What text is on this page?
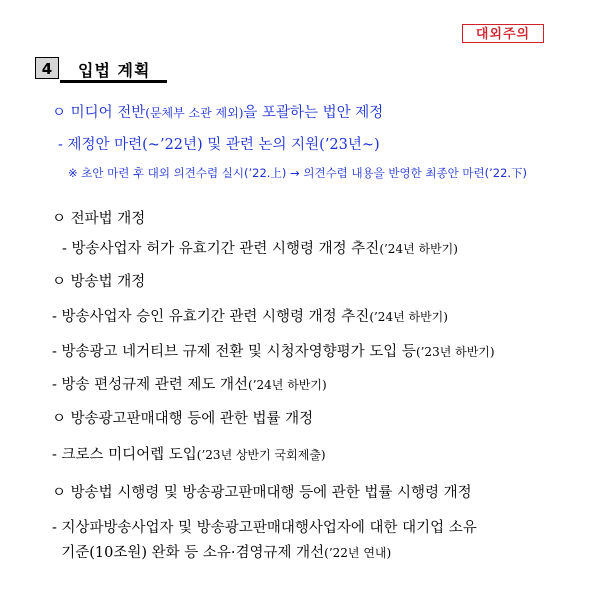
대외주의
4	입법 계획
ㅇ 미디어 전반(문체부 소관 제외)을 포괄하는 법안 제정
- 제정안 마련(~’22년) 및 관련 논의 지원(’23년~)
※ 초안 마련 후 대외 의견수렴 실시(’22.上) → 의견수렴 내용을 반영한 최종안 마련(’22.下)
ㅇ 전파법 개정
- 방송사업자 허가 유효기간 관련 시행령 개정 추진(’24년 하반기)
ㅇ 방송법 개정
- 방송사업자 승인 유효기간 관련 시행령 개정 추진(’24년 하반기)
- 방송광고 네거티브 규제 전환 및 시청자영향평가 도입 등(’23년 하반기)
- 방송 편성규제 관련 제도 개선(’24년 하반기)
ㅇ 방송광고판매대행 등에 관한 법률 개정
- 크로스 미디어렙 도입(’23년 상반기 국회제출)
ㅇ 방송법 시행령 및 방송광고판매대행 등에 관한 법률 시행령 개정
- 지상파방송사업자 및 방송광고판매대행사업자에 대한 대기업 소유
기준(10조원) 완화 등 소유·겸영규제 개선(’22년 연내)
